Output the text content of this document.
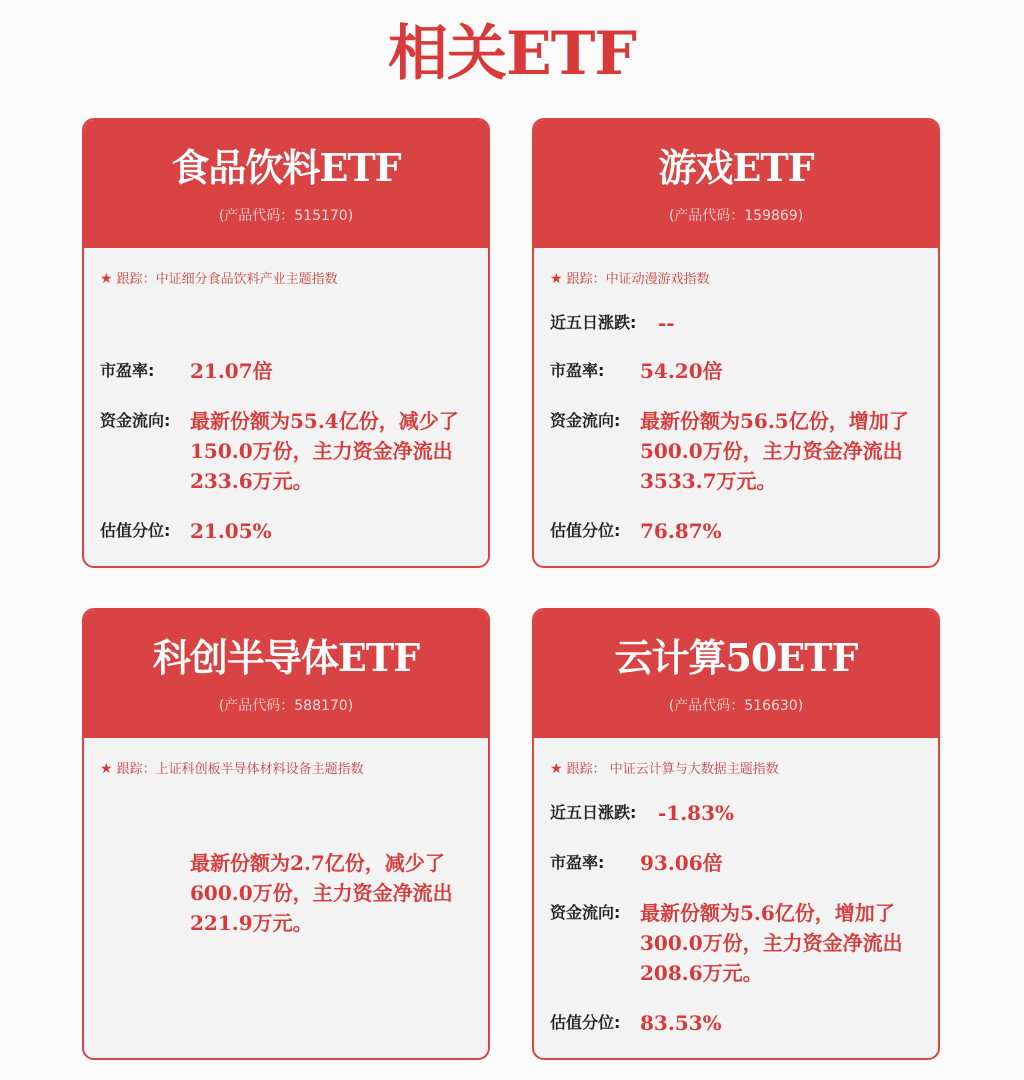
相关ETF
食品饮料ETF
(产品代码：515170)
★ 跟踪：中证细分食品饮料产业主题指数
市盈率: 21.07倍
资金流向: 最新份额为55.4亿份，减少了150.0万份，主力资金净流出233.6万元。
估值分位: 21.05%
游戏ETF
(产品代码：159869)
★ 跟踪：中证动漫游戏指数
近五日涨跌: --
市盈率: 54.20倍
资金流向: 最新份额为56.5亿份，增加了500.0万份，主力资金净流出3533.7万元。
估值分位: 76.87%
科创半导体ETF
(产品代码：588170)
★ 跟踪：上证科创板半导体材料设备主题指数
最新份额为2.7亿份，减少了600.0万份，主力资金净流出221.9万元。
云计算50ETF
(产品代码：516630)
★ 跟踪： 中证云计算与大数据主题指数
近五日涨跌: -1.83%
市盈率: 93.06倍
资金流向: 最新份额为5.6亿份，增加了300.0万份，主力资金净流出208.6万元。
估值分位: 83.53%
